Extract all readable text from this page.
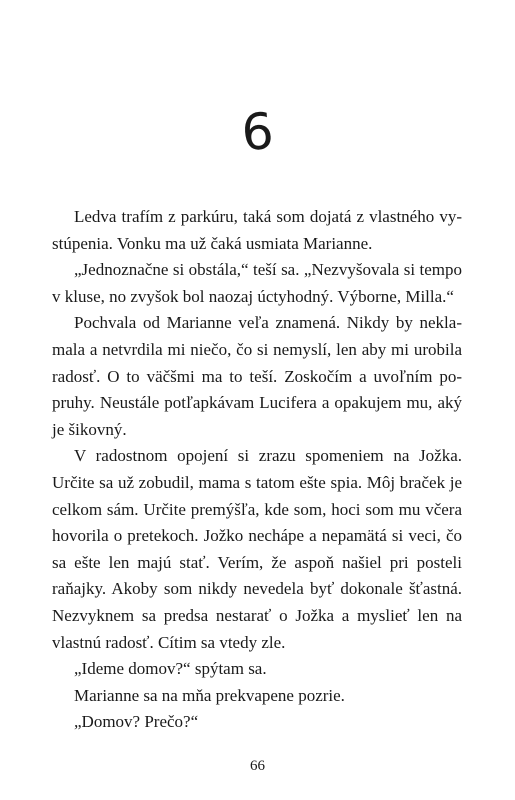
6

Ledva trafím z parkúru, taká som dojatá z vlastného vystúpenia. Vonku ma už čaká usmiata Marianne.

„Jednoznačne si obstála,“ teší sa. „Nezvyšovala si tempo v kluse, no zvyšok bol naozaj úctyhodný. Výborne, Milla.“

Pochvala od Marianne veľa znamená. Nikdy by neklamala a netvrdila mi niečo, čo si nemyslí, len aby mi urobila radosť. O to väčšmi ma to teší. Zoskočím a uvoľním popruhy. Neustále potľapkávam Lucifera a opakujem mu, aký je šikovný.

V radostnom opojení si zrazu spomeniem na Jožka. Určite sa už zobudil, mama s tatom ešte spia. Môj braček je celkom sám. Určite premýšľa, kde som, hoci som mu včera hovorila o pretekoch. Jožko nechápe a nepamätá si veci, čo sa ešte len majú stať. Verím, že aspoň našiel pri posteli raňajky. Akoby som nikdy nevedela byť dokonale šťastná. Nezvyknem sa predsa nestarať o Jožka a myslieť len na vlastnú radosť. Cítim sa vtedy zle.

„Ideme domov?“ spýtam sa.

Marianne sa na mňa prekvapene pozrie.

„Domov? Prečo?“

66
